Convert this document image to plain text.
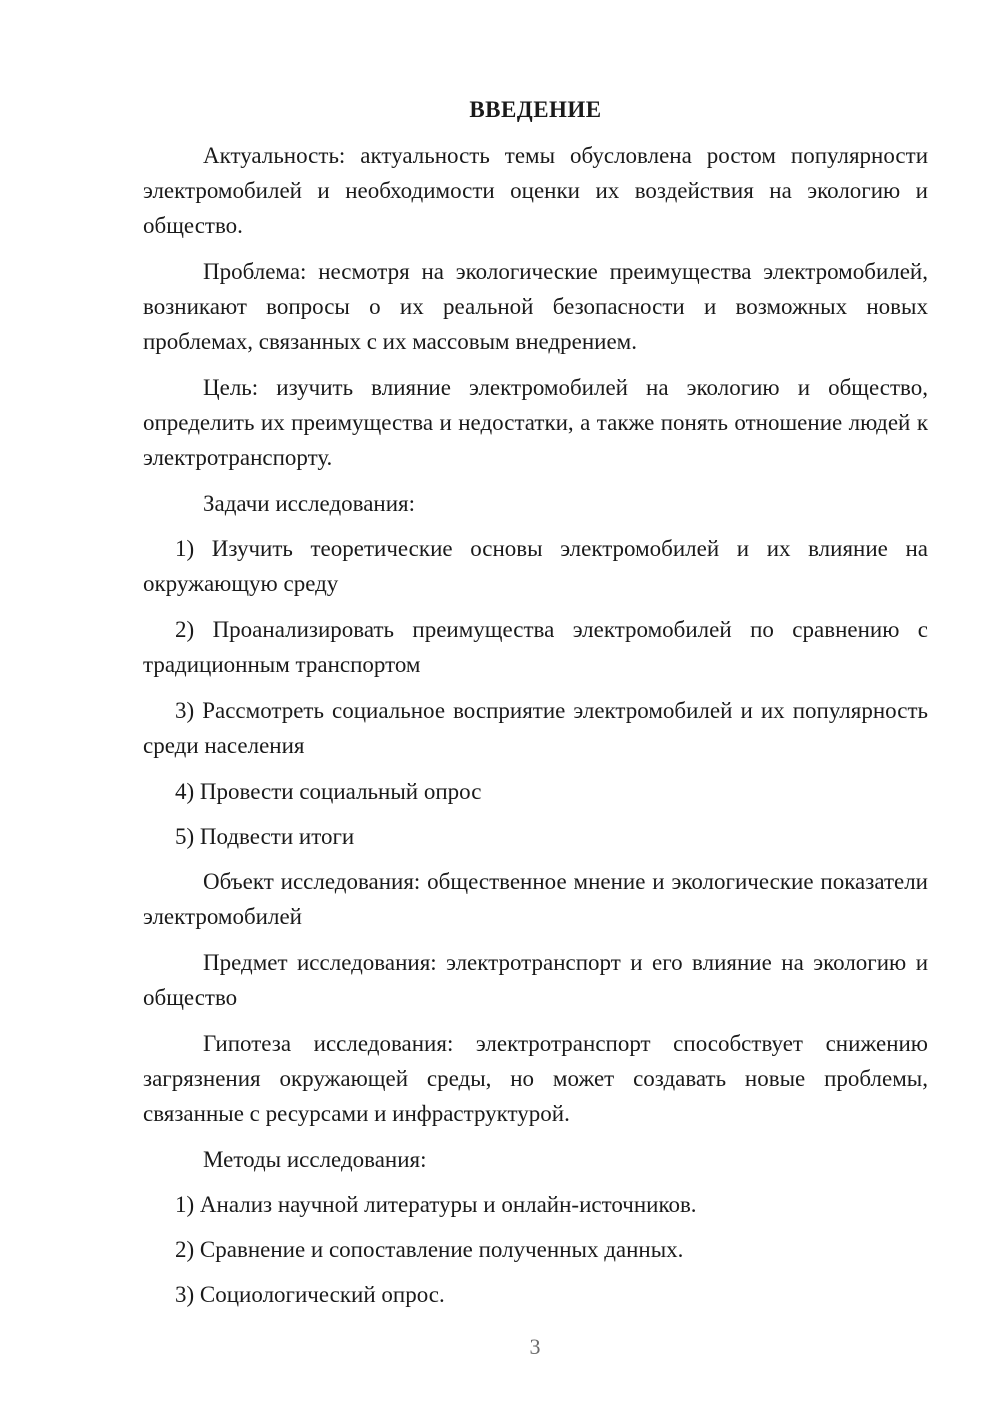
ВВЕДЕНИЕ

Актуальность: актуальность темы обусловлена ростом популярности электромобилей и необходимости оценки их воздействия на экологию и общество.

Проблема: несмотря на экологические преимущества электромобилей, возникают вопросы о их реальной безопасности и возможных новых проблемах, связанных с их массовым внедрением.

Цель: изучить влияние электромобилей на экологию и общество, определить их преимущества и недостатки, а также понять отношение людей к электротранспорту.

Задачи исследования:

1) Изучить теоретические основы электромобилей и их влияние на окружающую среду

2) Проанализировать преимущества электромобилей по сравнению с традиционным транспортом

3) Рассмотреть социальное восприятие электромобилей и их популярность среди населения

4) Провести социальный опрос

5) Подвести итоги

Объект исследования: общественное мнение и экологические показатели электромобилей

Предмет исследования: электротранспорт и его влияние на экологию и общество

Гипотеза исследования: электротранспорт способствует снижению загрязнения окружающей среды, но может создавать новые проблемы, связанные с ресурсами и инфраструктурой.

Методы исследования:

1) Анализ научной литературы и онлайн-источников.

2) Сравнение и сопоставление полученных данных.

3) Социологический опрос.

3
